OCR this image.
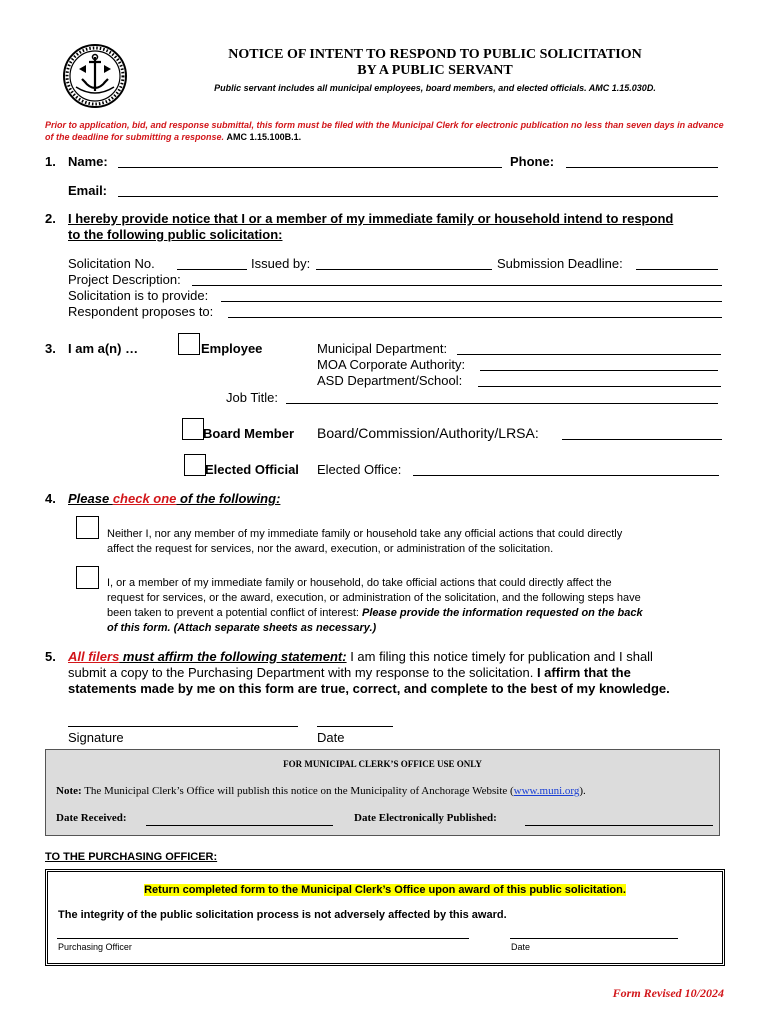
NOTICE OF INTENT TO RESPOND TO PUBLIC SOLICITATION

BY A PUBLIC SERVANT

Public servant includes all municipal employees, board members, and elected officials. AMC 1.15.030D.
Prior to application, bid, and response submittal, this form must be filed with the Municipal Clerk for electronic publication no less than seven days in advance of the deadline for submitting a response. AMC 1.15.100B.1.
1. Name:	Phone:
Email:
2. I hereby provide notice that I or a member of my immediate family or household intend to respond

to the following public solicitation:

Solicitation No.	Issued by:	Submission Deadline:
Project Description:
Solicitation is to provide:
Respondent proposes to:
3. I am a(n) …	Employee	Municipal Department:
MOA Corporate Authority:
ASD Department/School:
Job Title:
Board Member Board/Commission/Authority/LRSA:
Elected Official Elected Office:
4. Please check one of the following:

Neither I, nor any member of my immediate family or household take any official actions that could directly

affect the request for services, nor the award, execution, or administration of the solicitation.

I, or a member of my immediate family or household, do take official actions that could directly affect the

request for services, or the award, execution, or administration of the solicitation, and the following steps have

been taken to prevent a potential conflict of interest: Please provide the information requested on the back

of this form. (Attach separate sheets as necessary.)

5. All filers must affirm the following statement: I am filing this notice timely for publication and I shall

submit a copy to the Purchasing Department with my response to the solicitation. I affirm that the

statements made by me on this form are true, correct, and complete to the best of my knowledge.

Signature	Date
FOR MUNICIPAL CLERK’S OFFICE USE ONLY
Note: The Municipal Clerk’s Office will publish this notice on the Municipality of Anchorage Website (www.muni.org).
Date Received:	Date Electronically Published:
TO THE PURCHASING OFFICER:
Return completed form to the Municipal Clerk’s Office upon award of this public solicitation.
The integrity of the public solicitation process is not adversely affected by this award.
Purchasing Officer	Date
Form Revised 10/2024
